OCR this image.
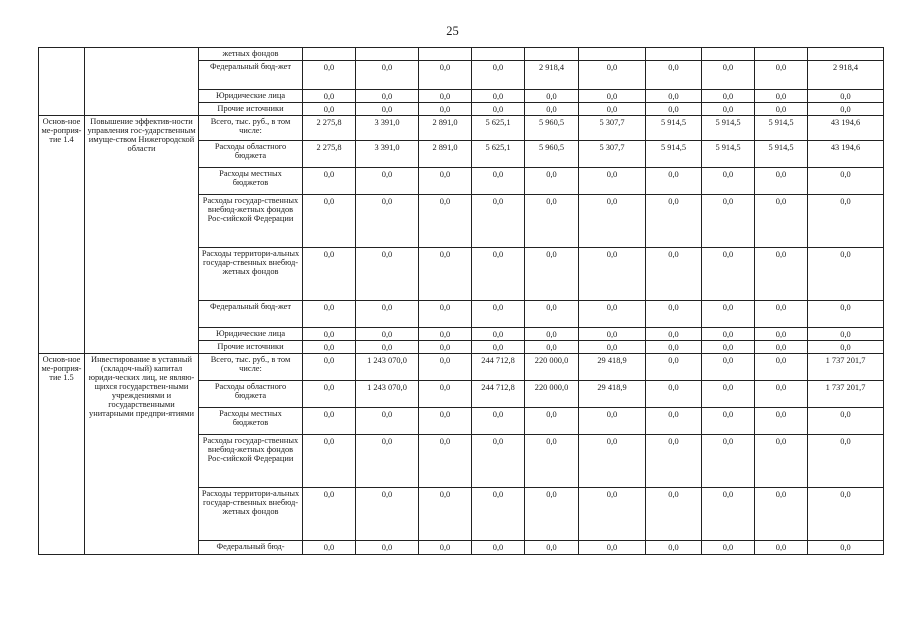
25
		жетных фондов										
		Федеральный бюд-жет	0,0	0,0	0,0	0,0	2 918,4	0,0	0,0	0,0	0,0	2 918,4
		Юридические лица	0,0	0,0	0,0	0,0	0,0	0,0	0,0	0,0	0,0	0,0
		Прочие источники	0,0	0,0	0,0	0,0	0,0	0,0	0,0	0,0	0,0	0,0
Основ-ное ме-роприя-тие 1.4	Повышение эффектив-ности управления гос-ударственным имуще-ством Нижегородской области	Всего, тыс. руб., в том числе:	2 275,8	3 391,0	2 891,0	5 625,1	5 960,5	5 307,7	5 914,5	5 914,5	5 914,5	43 194,6
		Расходы областного бюджета	2 275,8	3 391,0	2 891,0	5 625,1	5 960,5	5 307,7	5 914,5	5 914,5	5 914,5	43 194,6
		Расходы местных бюджетов	0,0	0,0	0,0	0,0	0,0	0,0	0,0	0,0	0,0	0,0
		Расходы государ-ственных внебюд-жетных фондов Рос-сийской Федерации	0,0	0,0	0,0	0,0	0,0	0,0	0,0	0,0	0,0	0,0
		Расходы территори-альных государ-ственных внебюд-жетных фондов	0,0	0,0	0,0	0,0	0,0	0,0	0,0	0,0	0,0	0,0
		Федеральный бюд-жет	0,0	0,0	0,0	0,0	0,0	0,0	0,0	0,0	0,0	0,0
		Юридические лица	0,0	0,0	0,0	0,0	0,0	0,0	0,0	0,0	0,0	0,0
		Прочие источники	0,0	0,0	0,0	0,0	0,0	0,0	0,0	0,0	0,0	0,0
Основ-ное ме-роприя-тие 1.5	Инвестирование в уставный (складоч-ный) капитал юриди-ческих лиц, не являю-щихся государствен-ными учреждениями и государственными унитарными предпри-ятиями	Всего, тыс. руб., в том числе:	0,0	1 243 070,0	0,0	244 712,8	220 000,0	29 418,9	0,0	0,0	0,0	1 737 201,7
		Расходы областного бюджета	0,0	1 243 070,0	0,0	244 712,8	220 000,0	29 418,9	0,0	0,0	0,0	1 737 201,7
		Расходы местных бюджетов	0,0	0,0	0,0	0,0	0,0	0,0	0,0	0,0	0,0	0,0
		Расходы государ-ственных внебюд-жетных фондов Рос-сийской Федерации	0,0	0,0	0,0	0,0	0,0	0,0	0,0	0,0	0,0	0,0
		Расходы территори-альных государ-ственных внебюд-жетных фондов	0,0	0,0	0,0	0,0	0,0	0,0	0,0	0,0	0,0	0,0
		Федеральный бюд-	0,0	0,0	0,0	0,0	0,0	0,0	0,0	0,0	0,0	0,0
